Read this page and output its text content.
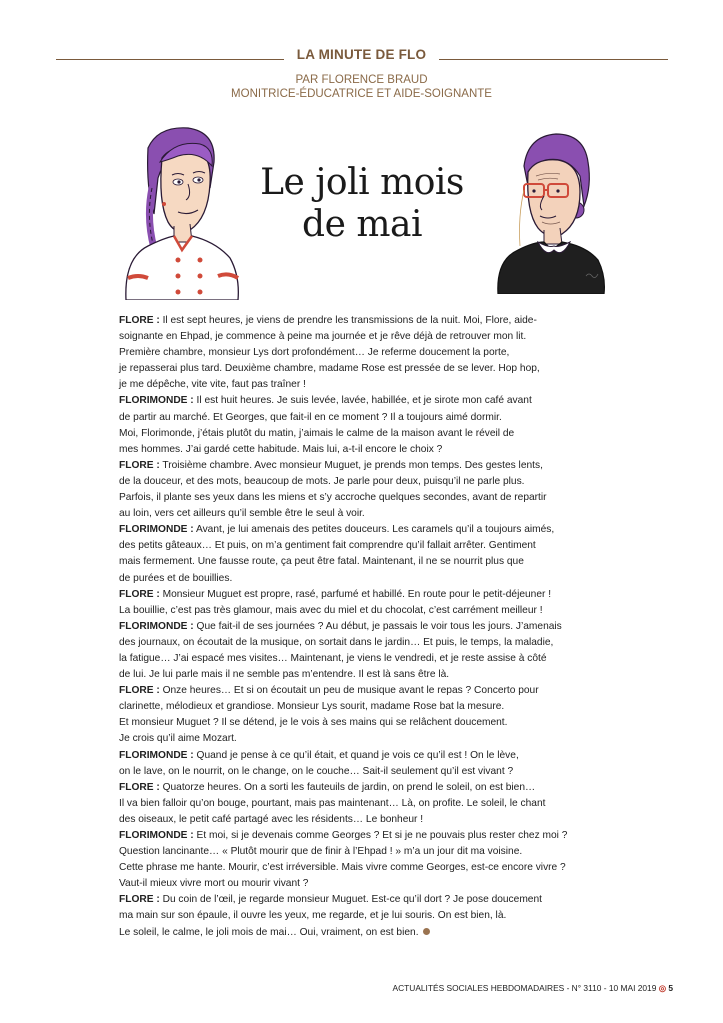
LA MINUTE DE FLO
PAR FLORENCE BRAUD
MONITRICE-ÉDUCATRICE ET AIDE-SOIGNANTE
Le joli mois
de mai
FLORE : Il est sept heures, je viens de prendre les transmissions de la nuit. Moi, Flore, aide-
soignante en Ehpad, je commence à peine ma journée et je rêve déjà de retrouver mon lit.
Première chambre, monsieur Lys dort profondément… Je referme doucement la porte,
je repasserai plus tard. Deuxième chambre, madame Rose est pressée de se lever. Hop hop,
je me dépêche, vite vite, faut pas traîner !
FLORIMONDE : Il est huit heures. Je suis levée, lavée, habillée, et je sirote mon café avant
de partir au marché. Et Georges, que fait-il en ce moment ? Il a toujours aimé dormir.
Moi, Florimonde, j’étais plutôt du matin, j’aimais le calme de la maison avant le réveil de
mes hommes. J’ai gardé cette habitude. Mais lui, a-t-il encore le choix ?
FLORE : Troisième chambre. Avec monsieur Muguet, je prends mon temps. Des gestes lents,
de la douceur, et des mots, beaucoup de mots. Je parle pour deux, puisqu’il ne parle plus.
Parfois, il plante ses yeux dans les miens et s’y accroche quelques secondes, avant de repartir
au loin, vers cet ailleurs qu’il semble être le seul à voir.
FLORIMONDE : Avant, je lui amenais des petites douceurs. Les caramels qu’il a toujours aimés,
des petits gâteaux… Et puis, on m’a gentiment fait comprendre qu’il fallait arrêter. Gentiment
mais fermement. Une fausse route, ça peut être fatal. Maintenant, il ne se nourrit plus que
de purées et de bouillies.
FLORE : Monsieur Muguet est propre, rasé, parfumé et habillé. En route pour le petit-déjeuner !
La bouillie, c’est pas très glamour, mais avec du miel et du chocolat, c’est carrément meilleur !
FLORIMONDE : Que fait-il de ses journées ? Au début, je passais le voir tous les jours. J’amenais
des journaux, on écoutait de la musique, on sortait dans le jardin… Et puis, le temps, la maladie,
la fatigue… J’ai espacé mes visites… Maintenant, je viens le vendredi, et je reste assise à côté
de lui. Je lui parle mais il ne semble pas m’entendre. Il est là sans être là.
FLORE : Onze heures… Et si on écoutait un peu de musique avant le repas ? Concerto pour
clarinette, mélodieux et grandiose. Monsieur Lys sourit, madame Rose bat la mesure.
Et monsieur Muguet ? Il se détend, je le vois à ses mains qui se relâchent doucement.
Je crois qu’il aime Mozart.
FLORIMONDE : Quand je pense à ce qu’il était, et quand je vois ce qu’il est ! On le lève,
on le lave, on le nourrit, on le change, on le couche… Sait-il seulement qu’il est vivant ?
FLORE : Quatorze heures. On a sorti les fauteuils de jardin, on prend le soleil, on est bien…
Il va bien falloir qu’on bouge, pourtant, mais pas maintenant… Là, on profite. Le soleil, le chant
des oiseaux, le petit café partagé avec les résidents… Le bonheur !
FLORIMONDE : Et moi, si je devenais comme Georges ? Et si je ne pouvais plus rester chez moi ?
Question lancinante… « Plutôt mourir que de finir à l’Ehpad ! » m’a un jour dit ma voisine.
Cette phrase me hante. Mourir, c’est irréversible. Mais vivre comme Georges, est-ce encore vivre ?
Vaut-il mieux vivre mort ou mourir vivant ?
FLORE : Du coin de l’œil, je regarde monsieur Muguet. Est-ce qu’il dort ? Je pose doucement
ma main sur son épaule, il ouvre les yeux, me regarde, et je lui souris. On est bien, là.
Le soleil, le calme, le joli mois de mai… Oui, vraiment, on est bien.
ACTUALITÉS SOCIALES HEBDOMADAIRES - N° 3110 - 10 MAI 2019 ◎ 5
